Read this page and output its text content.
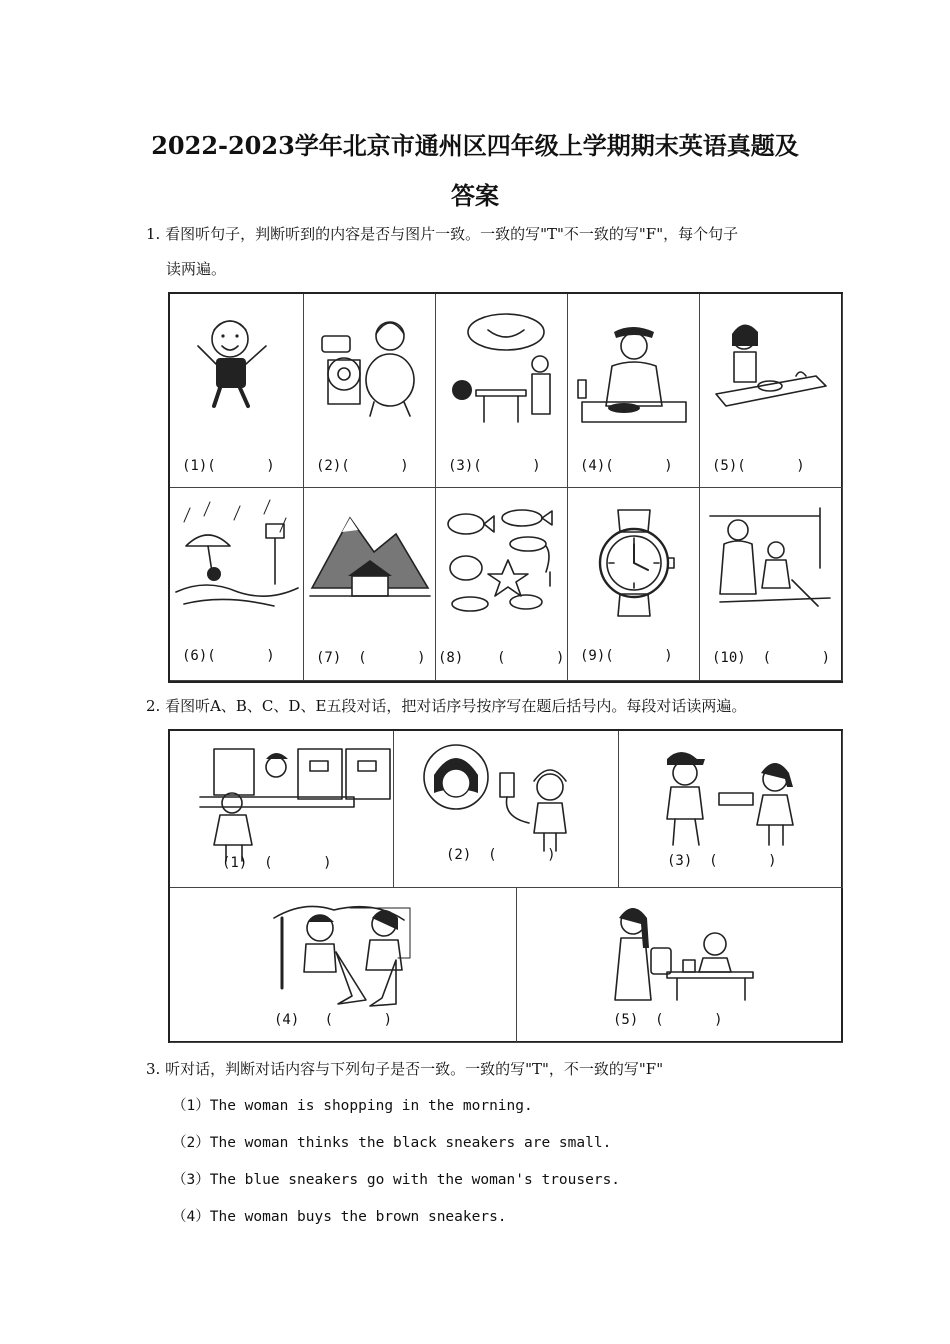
2022-2023学年北京市通州区四年级上学期期末英语真题及
答案
1. 看图听句子，判断听到的内容是否与图片一致。一致的写"T"不一致的写"F"，每个句子
读两遍。
(1)(      )	(2)(      )	(3)(      )	(4)(      )	(5)(      )
(6)(      )	(7)  (      ) (8)    (      ) (9)(      )	(10)  (      )
2. 看图听A、B、C、D、E五段对话，把对话序号按序写在题后括号内。每段对话读两遍。
(1)  (      )	(2)  (      )	(3)  (      )
(4)   (      )	(5)  (      )
3. 听对话，判断对话内容与下列句子是否一致。一致的写"T"，不一致的写"F"
（1）The woman is shopping in the morning.
（2）The woman thinks the black sneakers are small.
（3）The blue sneakers go with the woman's trousers.
（4）The woman buys the brown sneakers.
